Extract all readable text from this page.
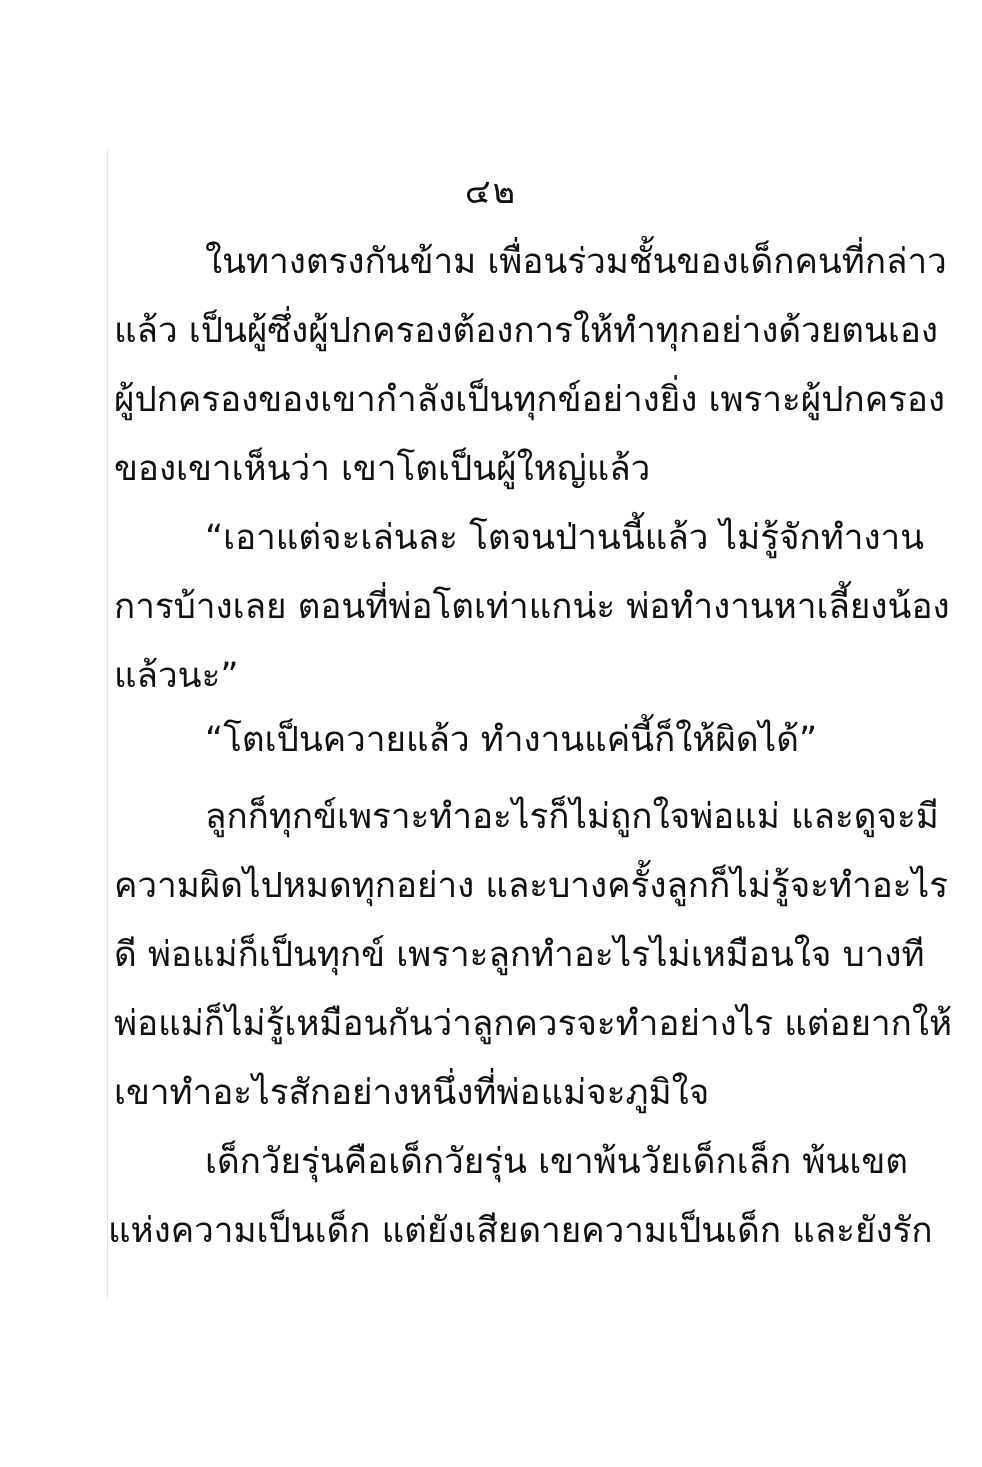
๔๒
ในทางตรงกันข้าม เพื่อนร่วมชั้นของเด็กคนที่กล่าว
แล้ว เป็นผู้ซึ่งผู้ปกครองต้องการให้ทำทุกอย่างด้วยตนเอง
ผู้ปกครองของเขากำลังเป็นทุกข์อย่างยิ่ง เพราะผู้ปกครอง
ของเขาเห็นว่า เขาโตเป็นผู้ใหญ่แล้ว
“เอาแต่จะเล่นละ โตจนป่านนี้แล้ว ไม่รู้จักทำงาน
การบ้างเลย ตอนที่พ่อโตเท่าแกน่ะ พ่อทำงานหาเลี้ยงน้อง
แล้วนะ”
“โตเป็นควายแล้ว ทำงานแค่นี้ก็ให้ผิดได้”
ลูกก็ทุกข์เพราะทำอะไรก็ไม่ถูกใจพ่อแม่ และดูจะมี
ความผิดไปหมดทุกอย่าง และบางครั้งลูกก็ไม่รู้จะทำอะไร
ดี พ่อแม่ก็เป็นทุกข์ เพราะลูกทำอะไรไม่เหมือนใจ บางที
พ่อแม่ก็ไม่รู้เหมือนกันว่าลูกควรจะทำอย่างไร แต่อยากให้
เขาทำอะไรสักอย่างหนึ่งที่พ่อแม่จะภูมิใจ
เด็กวัยรุ่นคือเด็กวัยรุ่น เขาพ้นวัยเด็กเล็ก พ้นเขต
แห่งความเป็นเด็ก แต่ยังเสียดายความเป็นเด็ก และยังรัก
